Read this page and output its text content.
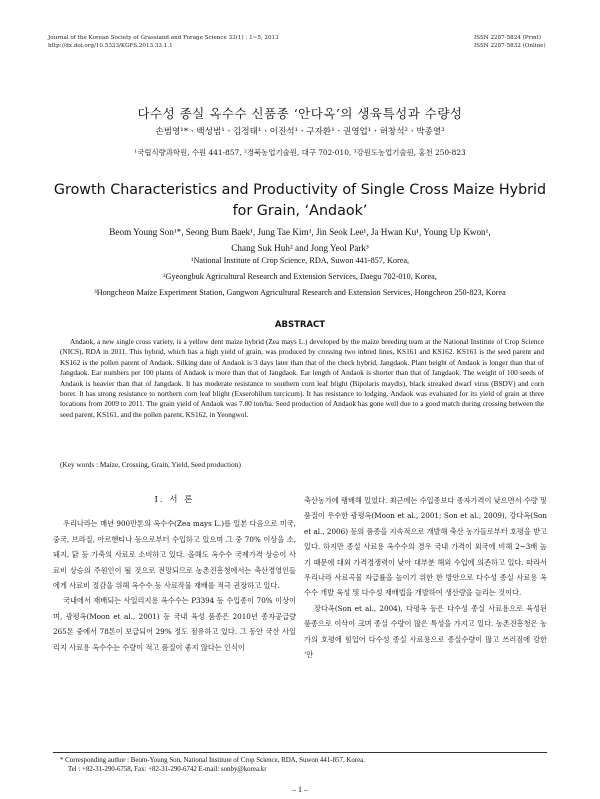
Journal of the Korean Society of Grassland and Forage Science 33(1) : 1~5, 2013
http://dx.doi.org/10.5333/KGFS.2013.33.1.1
ISSN 2287-5824 (Print)
ISSN 2287-5832 (Online)
다수성 종실 옥수수 신품종 ‘안다옥’의 생육특성과 수량성
손범영¹*ㆍ백성범¹ㆍ김정태¹ㆍ이진석¹ㆍ구자환¹ㆍ권영업¹ㆍ허창석²ㆍ박종열³
¹국립식량과학원, 수원 441-857, ²경북농업기술원, 대구 702-010, ³강원도농업기술원, 홍천 250-823
Growth Characteristics and Productivity of Single Cross Maize Hybrid
for Grain, ‘Andaok’
Beom Young Son¹*, Seong Bum Baek¹, Jung Tae Kim¹, Jin Seok Lee¹, Ja Hwan Ku¹, Young Up Kwon¹,
Chang Suk Huh² and Jong Yeol Park³
¹National Institute of Crop Science, RDA, Suwon 441-857, Korea,
²Gyeongbuk Agricultural Research and Extension Services, Daegu 702-010, Korea,
³Hongcheon Maize Experiment Station, Gangwon Agricultural Research and Extension Services, Hongcheon 250-823, Korea
ABSTRACT

Andaok, a new single cross variety, is a yellow dent maize hybrid (Zea mays L.) developed by the maize breeding team at the National Institute of Crop Science (NICS), RDA in 2011. This hybrid, which has a high yield of grain, was produced by crossing two inbred lines, KS161 and KS162. KS161 is the seed parent and KS162 is the pollen parent of Andaok. Silking date of Andaok is 3 days later than that of the check hybrid, Jangdaok. Plant height of Andaok is longer than that of Jangdaok. Ear numbers per 100 plants of Andaok is more than that of Jangdaok. Ear length of Andaok is shorter than that of Jangdaok. The weight of 100 seeds of Andaok is heavier than that of Jangdaok. It has moderate resistance to southern corn leaf blight (Bipolaris maydis), black streaked dwarf virus (BSDV) and corn borer. It has strong resistance to northern corn leaf blight (Exserohilum turcicum). It has resistance to lodging. Andaok was evaluated for its yield of grain at three locations from 2009 to 2011. The grain yield of Andaok was 7.80 ton/ha. Seed production of Andaok has gone well due to a good match during crossing between the seed parent, KS161, and the pollen parent, KS162, in Yeongwol.

(Key words : Maize, Crossing, Grain, Yield, Seed production)
Ⅰ. 서 론

우리나라는 매년 900만톤의 옥수수(Zea mays L.)를 일본 다음으로 미국, 중국, 브라질, 아르헨티나 등으로부터 수입하고 있으며 그 중 70% 이상을 소, 돼지, 닭 등 가축의 사료로 소비하고 있다. 올해도 옥수수 국제가격 상승이 사료비 상승의 주원인이 될 것으로 전망되므로 농촌진흥청에서는 축산경영인들에게 사료비 절감을 위해 옥수수 등 사료작물 재배를 적극 권장하고 있다.

국내에서 재배되는 사일리지용 옥수수는 P3394 등 수입종이 70% 이상이며, 광평옥(Moon et al., 2001) 등 국내 육성 품종은 2010년 종자공급량 265톤 중에서 78톤이 보급되어 29% 정도 점유하고 있다. 그 동안 국산 사일리지 사료용 옥수수는 수량이 적고 품질이 좋지 않다는 인식이

축산농가에 팽배해 있었다. 최근에는 수입종보다 종자가격이 낮으면서 수량 및 품질이 우수한 광평옥(Moon et al., 2001; Son et al., 2009), 강다옥(Son et al., 2006) 등의 품종을 지속적으로 개발해 축산 농가들로부터 호평을 받고 있다. 하지만 종실 사료용 옥수수의 경우 국내 가격이 외국에 비해 2~3배 높기 때문에 대외 가격경쟁력이 낮아 대부분 해외 수입에 의존하고 있다. 따라서 우리나라 사료곡물 자급률을 높이기 위한 한 방안으로 다수성 종실 사료용 옥수수 개발 육성 및 다수성 재배법을 개발하여 생산량을 늘리는 것이다.

장다옥(Son et al., 2004), 다평옥 등은 다수성 종실 사료용으로 육성된 품종으로 이삭이 크며 종실 수량이 많은 특성을 가지고 있다. 농촌진흥청은 농가의 호평에 힘입어 다수성 종실 사료용으로 종실수량이 많고 쓰러짐에 강한 ‘안

* Corresponding author : Beom-Young Son, National Institute of Crop Science, RDA, Suwon 441-857, Korea.
Tel : +82-31-290-6758, Fax: +82-31-290-6742 E-mail: sonby@korea.kr
– 1 –
